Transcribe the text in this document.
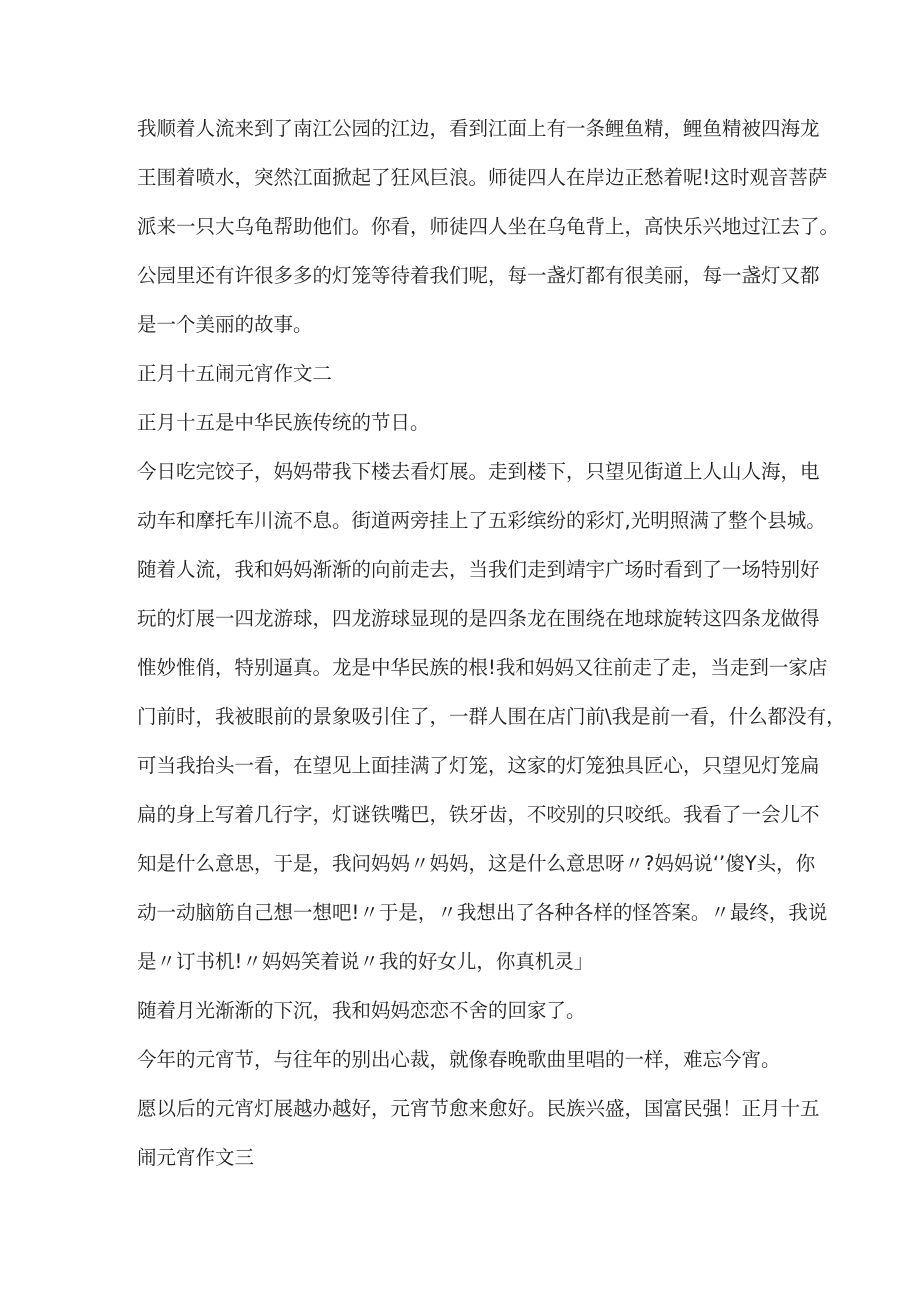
我顺着人流来到了南江公园的江边，看到江面上有一条鲤鱼精，鲤鱼精被四海龙

王围着喷水，突然江面掀起了狂风巨浪。师徒四人在岸边正愁着呢!这时观音菩萨

派来一只大乌龟帮助他们。你看，师徒四人坐在乌龟背上，高快乐兴地过江去了。

公园里还有许很多多的灯笼等待着我们呢，每一盏灯都有很美丽，每一盏灯又都

是一个美丽的故事。

正月十五闹元宵作文二

正月十五是中华民族传统的节日。

今日吃完饺子，妈妈带我下楼去看灯展。走到楼下，只望见街道上人山人海，电

动车和摩托车川流不息。街道两旁挂上了五彩缤纷的彩灯,光明照满了整个县城。

随着人流，我和妈妈渐渐的向前走去，当我们走到靖宇广场时看到了一场特别好

玩的灯展一四龙游球，四龙游球显现的是四条龙在围绕在地球旋转这四条龙做得

惟妙惟俏，特别逼真。龙是中华民族的根!我和妈妈又往前走了走，当走到一家店

门前时，我被眼前的景象吸引住了，一群人围在店门前\我是前一看，什么都没有，

可当我抬头一看，在望见上面挂满了灯笼，这家的灯笼独具匠心，只望见灯笼扁

扁的身上写着几行字，灯谜铁嘴巴，铁牙齿，不咬别的只咬纸。我看了一会儿不

知是什么意思，于是，我问妈妈〃妈妈，这是什么意思呀〃?妈妈说‘’傻Y头，你

动一动脑筋自己想一想吧!〃于是，〃我想出了各种各样的怪答案。〃最终，我说

是〃订书机!〃妈妈笑着说〃我的好女儿，你真机灵」

随着月光渐渐的下沉，我和妈妈恋恋不舍的回家了。

今年的元宵节，与往年的别出心裁，就像春晚歌曲里唱的一样，难忘今宵。

愿以后的元宵灯展越办越好，元宵节愈来愈好。民族兴盛，国富民强！正月十五

闹元宵作文三
